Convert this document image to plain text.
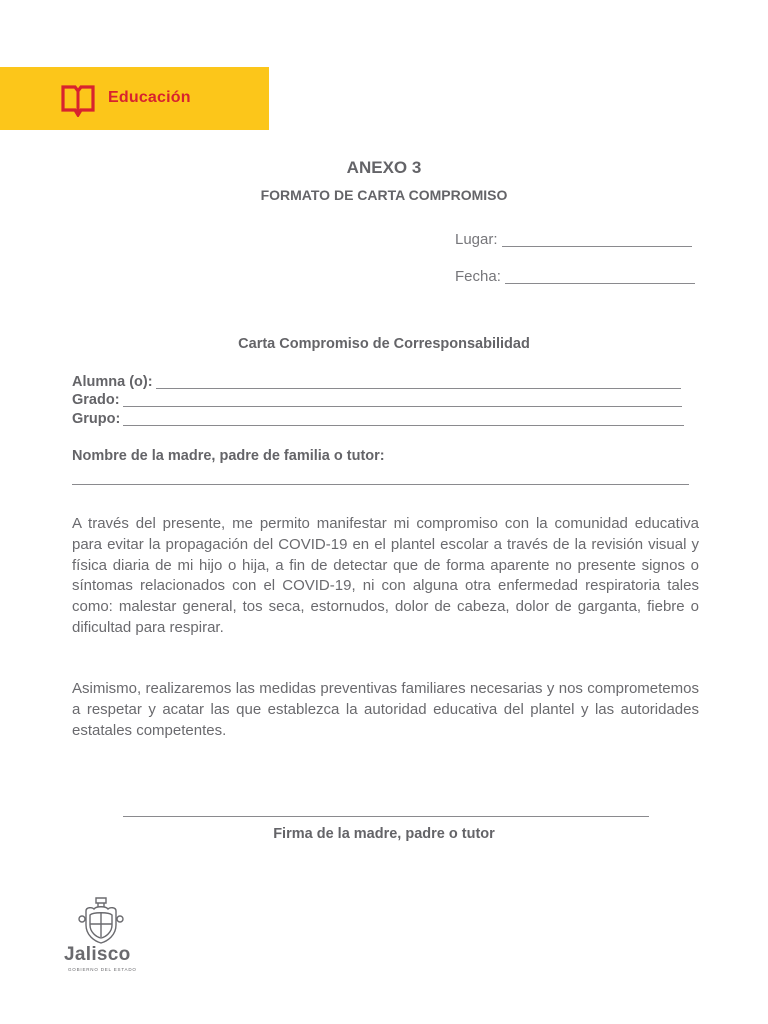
Educación
ANEXO 3
FORMATO DE CARTA COMPROMISO
Lugar:
Fecha:
Carta Compromiso de Corresponsabilidad
Alumna (o):
Grado:
Grupo:
Nombre de la madre, padre de familia o tutor:

A través del presente, me permito manifestar mi compromiso con la comunidad educativa para evitar la propagación del COVID-19 en el plantel escolar a través de la revisión visual y física diaria de mi hijo o hija, a fin de detectar que de forma aparente no presente signos o síntomas relacionados con el COVID-19, ni con alguna otra enfermedad respiratoria tales como: malestar general, tos seca, estornudos, dolor de cabeza, dolor de garganta, fiebre o dificultad para respirar.

Asimismo, realizaremos las medidas preventivas familiares necesarias y nos comprometemos a respetar y acatar las que establezca la autoridad educativa del plantel y las autoridades estatales competentes.

Firma de la madre, padre o tutor
Jalisco
GOBIERNO DEL ESTADO
